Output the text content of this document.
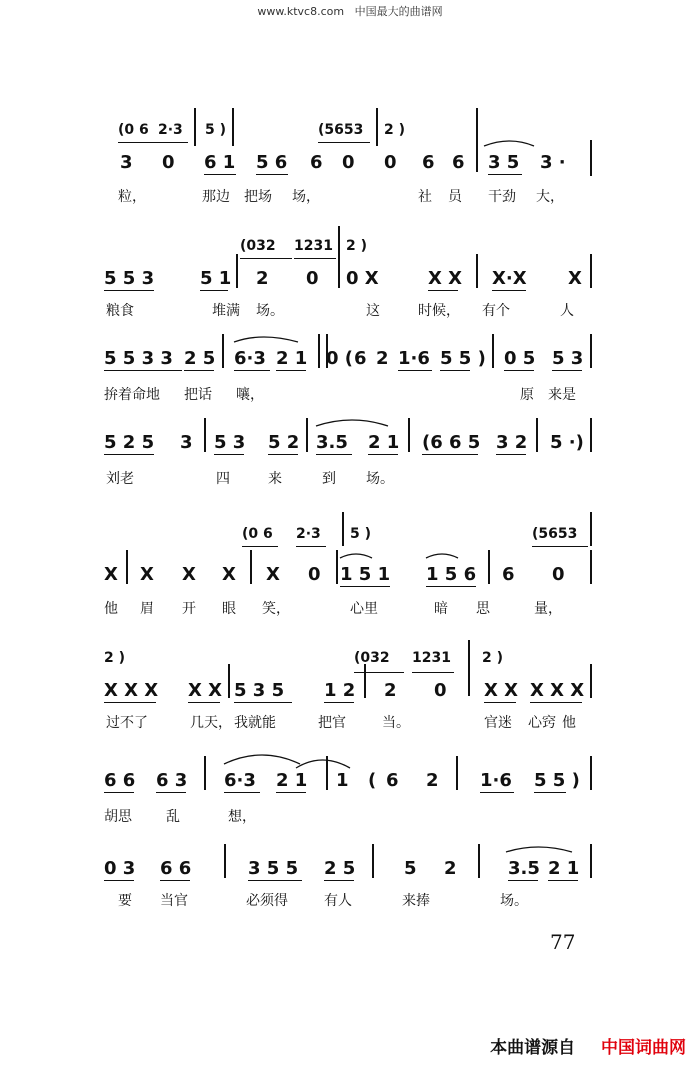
www.ktvc8.com 中国最大的曲谱网
(0 6 2·3 5 )	(5653 2 )
3 0 6 1 5 6 6 0 0 6 6 3 5 3 ·
粒，	那边 把场 场，	社 员 干劲 大，
(032 1231 2 )
5 5 3	5 1 2 0 0 X	X X X·X X
粮食	堆满 场。	这	时候， 有个	人
5 5 3 3 2 5 6·3 2 1 0 ( 6 2 1·6 5 5 ) 0 5 5 3
拚着命地 把话 嚷，	原 来是
5 2 5 3 5 3 5 2 3.5 2 1 (6 6 5 3 2 5 ·)
刘老	四	来	到 场。
(0 6 2·3 5 )	(5653
X X X X X 0 1 5 1 1 5 6 6 0
他 眉 开 眼 笑，	心里	暗 思	量，
2 )	(032 1231 2 )
X X X X X 5 3 5 1 2 2 0 X X X X X
过不了	几天， 我就能	把官	当。	官迷 心窍 他
6 6 6 3 6·3 2 1 1 ( 6 2 1·6 5 5 )
胡思 乱	想，
0 3 6 6	3 5 5 2 5	5 2	3.5 2 1
要 当官	必须得	有人	来捧	场。
77
本曲谱源自 中国词曲网
